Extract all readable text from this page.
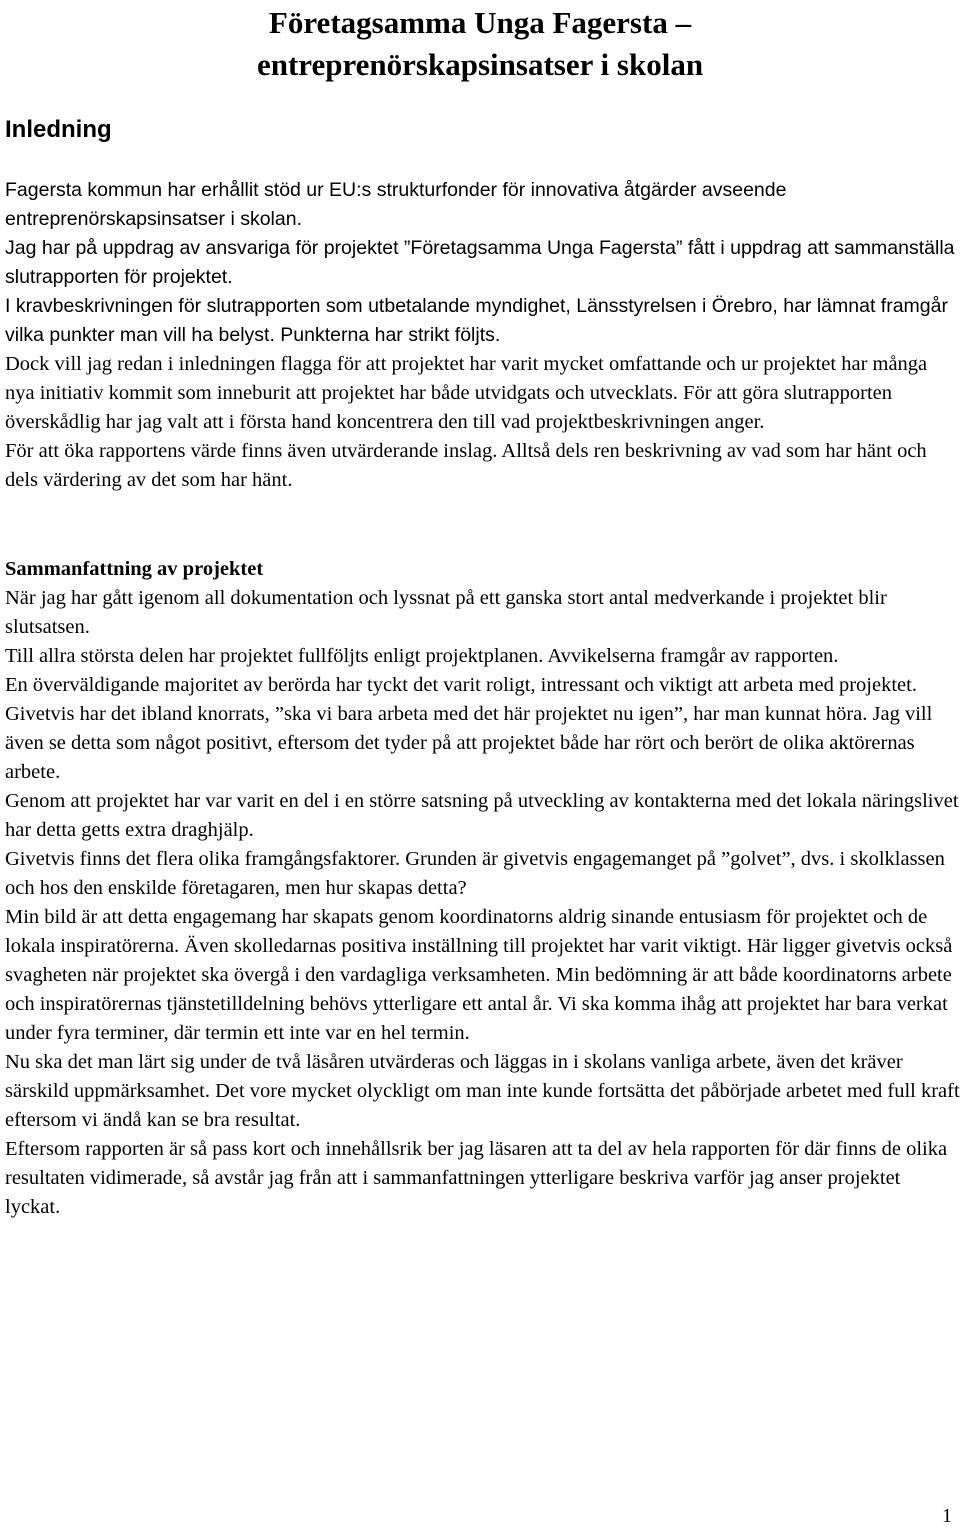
Företagsamma Unga Fagersta –
entreprenörskapsinsatser i skolan
Inledning

Fagersta kommun har erhållit stöd ur EU:s strukturfonder för innovativa åtgärder avseende entreprenörskapsinsatser i skolan.

Jag har på uppdrag av ansvariga för projektet ”Företagsamma Unga Fagersta” fått i uppdrag att sammanställa slutrapporten för projektet.

I kravbeskrivningen för slutrapporten som utbetalande myndighet, Länsstyrelsen i Örebro, har lämnat framgår vilka punkter man vill ha belyst. Punkterna har strikt följts.

Dock vill jag redan i inledningen flagga för att projektet har varit mycket omfattande och ur projektet har många nya initiativ kommit som inneburit att projektet har både utvidgats och utvecklats. För att göra slutrapporten överskådlig har jag valt att i första hand koncentrera den till vad projektbeskrivningen anger.

För att öka rapportens värde finns även utvärderande inslag. Alltså dels ren beskrivning av vad som har hänt och dels värdering av det som har hänt.

Sammanfattning av projektet

När jag har gått igenom all dokumentation och lyssnat på ett ganska stort antal medverkande i projektet blir slutsatsen.

Till allra största delen har projektet fullföljts enligt projektplanen. Avvikelserna framgår av rapporten.

En överväldigande majoritet av berörda har tyckt det varit roligt, intressant och viktigt att arbeta med projektet. Givetvis har det ibland knorrats, ”ska vi bara arbeta med det här projektet nu igen”, har man kunnat höra. Jag vill även se detta som något positivt, eftersom det tyder på att projektet både har rört och berört de olika aktörernas arbete.

Genom att projektet har var varit en del i en större satsning på utveckling av kontakterna med det lokala näringslivet har detta getts extra draghjälp.

Givetvis finns det flera olika framgångsfaktorer. Grunden är givetvis engagemanget på ”golvet”, dvs. i skolklassen och hos den enskilde företagaren, men hur skapas detta?

Min bild är att detta engagemang har skapats genom koordinatorns aldrig sinande entusiasm för projektet och de lokala inspiratörerna. Även skolledarnas positiva inställning till projektet har varit viktigt. Här ligger givetvis också svagheten när projektet ska övergå i den vardagliga verksamheten. Min bedömning är att både koordinatorns arbete och inspiratörernas tjänstetilldelning behövs ytterligare ett antal år. Vi ska komma ihåg att projektet har bara verkat under fyra terminer, där termin ett inte var en hel termin.

Nu ska det man lärt sig under de två läsåren utvärderas och läggas in i skolans vanliga arbete, även det kräver särskild uppmärksamhet. Det vore mycket olyckligt om man inte kunde fortsätta det påbörjade arbetet med full kraft eftersom vi ändå kan se bra resultat.

Eftersom rapporten är så pass kort och innehållsrik ber jag läsaren att ta del av hela rapporten för där finns de olika resultaten vidimerade, så avstår jag från att i sammanfattningen ytterligare beskriva varför jag anser projektet lyckat.

1
